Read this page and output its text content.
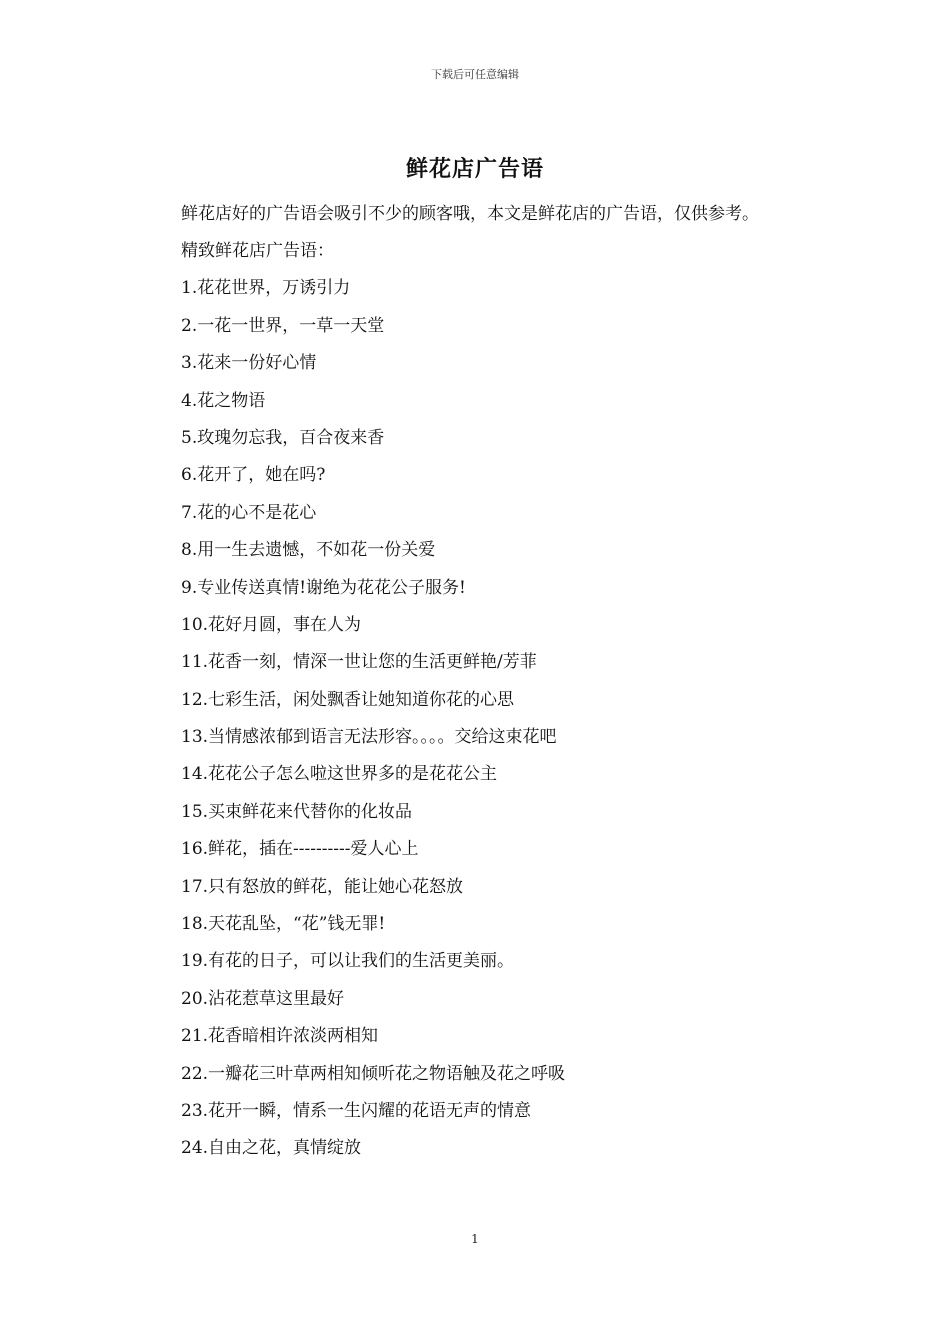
下载后可任意编辑
鲜花店广告语

鲜花店好的广告语会吸引不少的顾客哦，本文是鲜花店的广告语，仅供参考。

精致鲜花店广告语：

1.花花世界，万诱引力

2.一花一世界，一草一天堂

3.花来一份好心情

4.花之物语

5.玫瑰勿忘我，百合夜来香

6.花开了，她在吗?

7.花的心不是花心

8.用一生去遗憾，不如花一份关爱

9.专业传送真情!谢绝为花花公子服务!

10.花好月圆，事在人为

11.花香一刻，情深一世让您的生活更鲜艳/芳菲

12.七彩生活，闲处飘香让她知道你花的心思

13.当情感浓郁到语言无法形容。。。。交给这束花吧

14.花花公子怎么啦这世界多的是花花公主

15.买束鲜花来代替你的化妆品

16.鲜花，插在----------爱人心上

17.只有怒放的鲜花，能让她心花怒放

18.天花乱坠，“花”钱无罪!

19.有花的日子，可以让我们的生活更美丽。

20.沾花惹草这里最好

21.花香暗相许浓淡两相知

22.一瓣花三叶草两相知倾听花之物语触及花之呼吸

23.花开一瞬，情系一生闪耀的花语无声的情意

24.自由之花，真情绽放

1
